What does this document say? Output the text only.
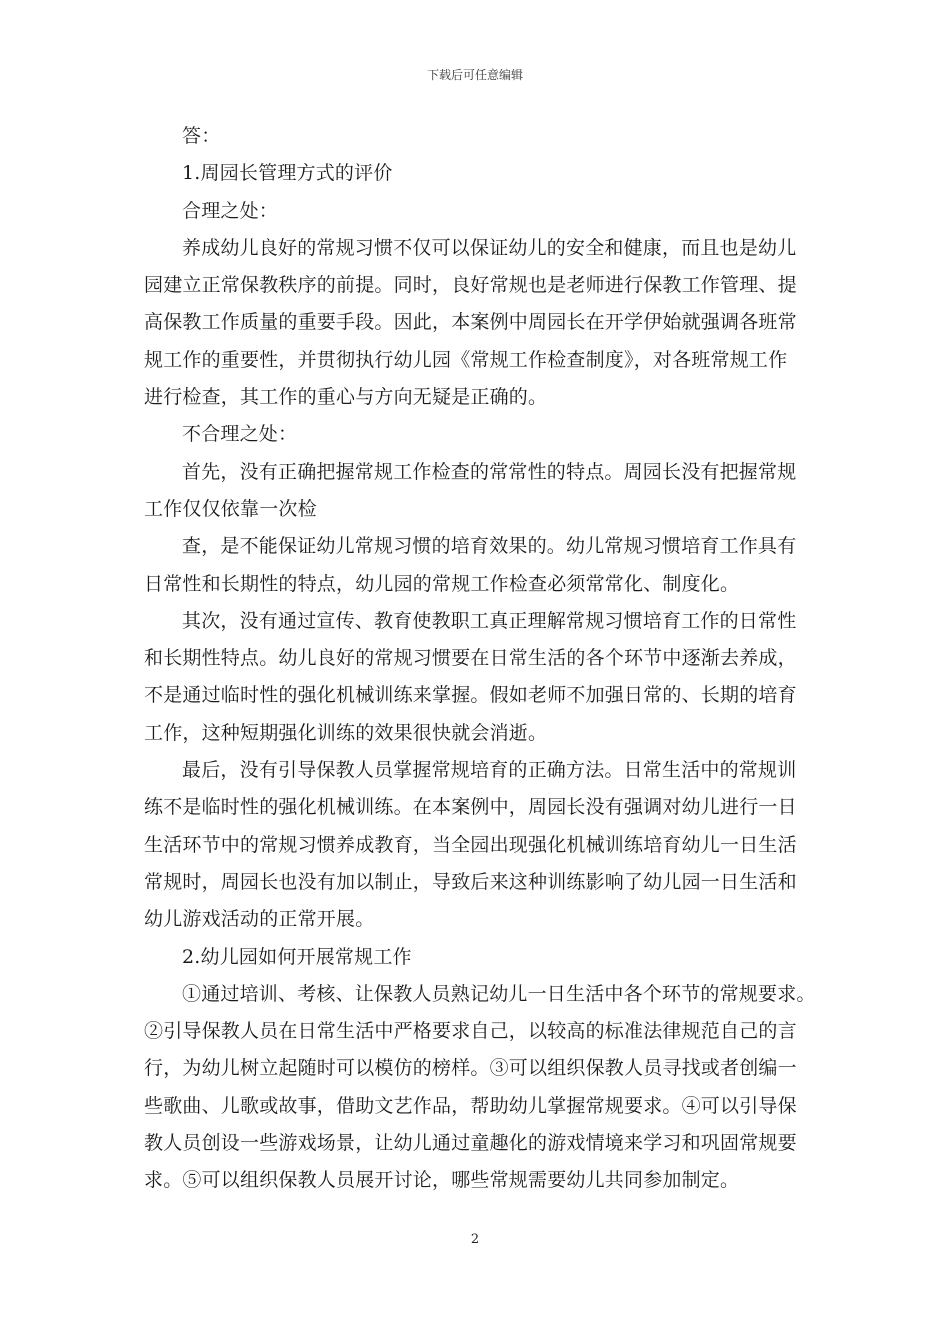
下载后可任意编辑
答：
1.周园长管理方式的评价
合理之处：
养成幼儿良好的常规习惯不仅可以保证幼儿的安全和健康，而且也是幼儿
园建立正常保教秩序的前提。同时，良好常规也是老师进行保教工作管理、提
高保教工作质量的重要手段。因此，本案例中周园长在开学伊始就强调各班常
规工作的重要性，并贯彻执行幼儿园《常规工作检查制度》，对各班常规工作
进行检查，其工作的重心与方向无疑是正确的。
不合理之处：
首先，没有正确把握常规工作检查的常常性的特点。周园长没有把握常规
工作仅仅依靠一次检
查，是不能保证幼儿常规习惯的培育效果的。幼儿常规习惯培育工作具有
日常性和长期性的特点，幼儿园的常规工作检查必须常常化、制度化。
其次，没有通过宣传、教育使教职工真正理解常规习惯培育工作的日常性
和长期性特点。幼儿良好的常规习惯要在日常生活的各个环节中逐渐去养成，
不是通过临时性的强化机械训练来掌握。假如老师不加强日常的、长期的培育
工作，这种短期强化训练的效果很快就会消逝。
最后，没有引导保教人员掌握常规培育的正确方法。日常生活中的常规训
练不是临时性的强化机械训练。在本案例中，周园长没有强调对幼儿进行一日
生活环节中的常规习惯养成教育，当全园出现强化机械训练培育幼儿一日生活
常规时，周园长也没有加以制止，导致后来这种训练影响了幼儿园一日生活和
幼儿游戏活动的正常开展。
2.幼儿园如何开展常规工作
①通过培训、考核、让保教人员熟记幼儿一日生活中各个环节的常规要求。
②引导保教人员在日常生活中严格要求自己，以较高的标准法律规范自己的言
行，为幼儿树立起随时可以模仿的榜样。③可以组织保教人员寻找或者创编一
些歌曲、儿歌或故事，借助文艺作品，帮助幼儿掌握常规要求。④可以引导保
教人员创设一些游戏场景，让幼儿通过童趣化的游戏情境来学习和巩固常规要
求。⑤可以组织保教人员展开讨论，哪些常规需要幼儿共同参加制定。
2
